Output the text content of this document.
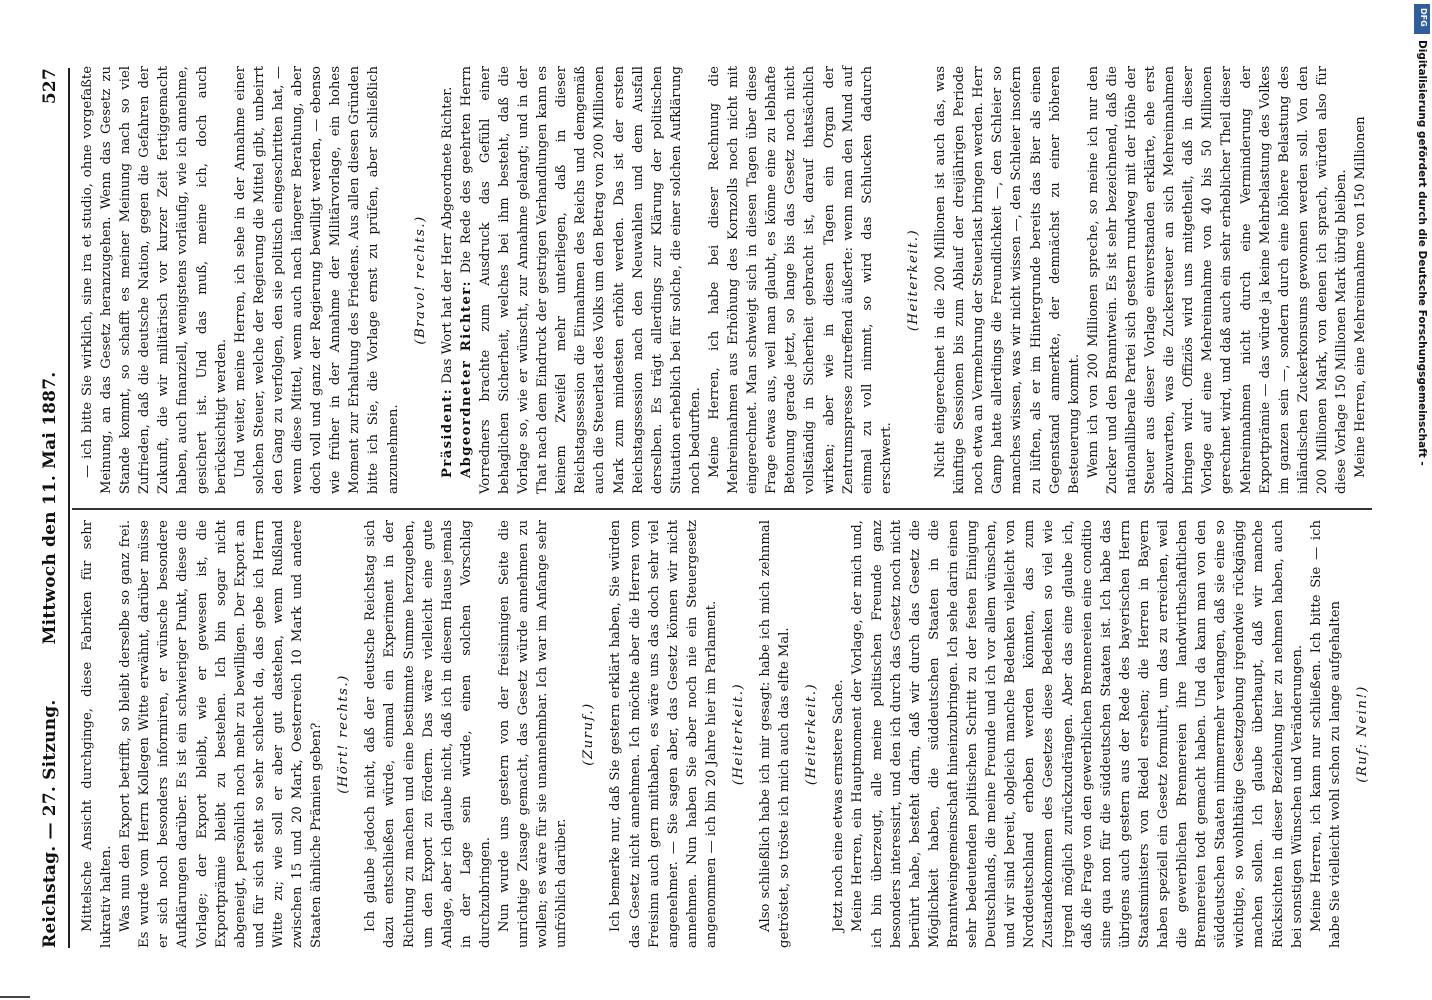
Reichstag. — 27. Sitzung.
Mittwoch den 11. Mai 1887.
527

Mittelsche Ansicht durchginge, diese Fabriken für sehr lukrativ halten. Was nun den Export betrifft, so bleibt derselbe so ganz frei. Es wurde vom Herrn Kollegen Witte erwähnt, darüber müsse er sich noch besonders informiren, er wünsche besondere Aufklärungen darüber. Es ist ein schwieriger Punkt, diese die Vorlage; der Export bleibt, wie er gewesen ist, die Exportprämie bleibt zu bestehen. Ich bin sogar nicht abgeneigt, persönlich noch mehr zu bewilligen. Der Export an und für sich steht so sehr schlecht da, das gebe ich Herrn Witte zu; wie soll er aber gut dastehen, wenn Rußland zwischen 15 und 20 Mark, Oesterreich 10 Mark und andere Staaten ähnliche Prämien geben? (Hört! rechts.) Ich glaube jedoch nicht, daß der deutsche Reichstag sich dazu entschließen würde, einmal ein Experiment in der Richtung zu machen und eine bestimmte Summe herzugeben, um den Export zu fördern. Das wäre vielleicht eine gute Anlage, aber ich glaube nicht, daß ich in diesem Hause jemals in der Lage sein würde, einen solchen Vorschlag durchzubringen. Nun wurde uns gestern von der freisinnigen Seite die unrichtige Zusage gemacht, das Gesetz würde annehmen zu wollen; es wäre für sie unannehmbar. Ich war im Anfange sehr unfröhlich darüber.

(Zuruf.) Ich bemerke nur, daß Sie gestern erklärt haben, Sie würden das Gesetz nicht annehmen. Ich möchte aber die Herren vom Freisinn auch gern mithaben, es wäre uns das doch sehr viel angenehmer. — Sie sagen aber, das Gesetz können wir nicht annehmen. Nun haben Sie aber noch nie ein Steuergesetz angenommen — ich bin 20 Jahre hier im Parlament. (Heiterkeit.) Also schließlich habe ich mir gesagt: habe ich mich zehnmal getröstet, so tröste ich mich auch das elfte Mal. (Heiterkeit.) Jetzt noch eine etwas ernstere Sache. Meine Herren, ein Hauptmoment der Vorlage, der mich und, ich bin überzeugt, alle meine politischen Freunde ganz besonders interessirt, und den ich durch das Gesetz noch nicht berührt habe, besteht darin, daß wir durch das Gesetz die Möglichkeit haben, die süddeutschen Staaten in die Branntweingemeinschaft hineinzubringen. Ich sehe darin einen sehr bedeutenden politischen Schritt zu der festen Einigung Deutschlands, die meine Freunde und ich vor allem wünschen, und wir sind bereit, obgleich manche Bedenken vielleicht von Norddeutschland erhoben werden könnten, das zum Zustandekommen des Gesetzes diese Bedenken so viel wie irgend möglich zurückzudrängen. Aber das eine glaube ich, daß die Frage von den gewerblichen Brennereien eine conditio sine qua non für die süddeutschen Staaten ist. Ich habe das übrigens auch gestern aus der Rede des bayerischen Herrn Staatsministers von Riedel ersehen; die Herren in Bayern haben speziell ein Gesetz formulirt, um das zu erreichen, weil die gewerblichen Brennereien ihre landwirthschaftlichen Brennereien todt gemacht haben. Und da kann man von den süddeutschen Staaten nimmermehr verlangen, daß sie eine so wichtige, so wohlthätige Gesetzgebung irgendwie rückgängig machen sollen. Ich glaube überhaupt, daß wir manche Rücksichten in dieser Beziehung hier zu nehmen haben, auch bei sonstigen Wünschen und Veränderungen. Meine Herren, ich kann nur schließen. Ich bitte Sie — ich habe Sie vielleicht wohl schon zu lange aufgehalten (Ruf: Nein!)

— ich bitte Sie wirklich, sine ira et studio, ohne vorgefaßte Meinung, an das Gesetz heranzugehen. Wenn das Gesetz zu Stande kommt, so schafft es meiner Meinung nach so viel Zufrieden, daß die deutsche Nation, gegen die Gefahren der Zukunft, die wir militärisch vor kurzer Zeit fertiggemacht haben, auch finanziell, wenigstens vorläufig, wie ich annehme, gesichert ist. Und das muß, meine ich, doch auch berücksichtigt werden. Und weiter, meine Herren, ich sehe in der Annahme einer solchen Steuer, welche der Regierung die Mittel gibt, unbeirrt den Gang zu verfolgen, den sie politisch eingeschritten hat, — wenn diese Mittel, wenn auch nach längerer Berathung, aber doch voll und ganz der Regierung bewilligt werden, — ebenso wie früher in der Annahme der Militärvorlage, ein hohes Moment zur Erhaltung des Friedens. Aus allen diesen Gründen bitte ich Sie, die Vorlage ernst zu prüfen, aber schließlich anzunehmen.

(Bravo! rechts.)

Präsident: Das Wort hat der Herr Abgeordnete Richter. Abgeordneter Richter: Die Rede des geehrten Herrn Vorredners brachte zum Ausdruck das Gefühl einer behaglichen Sicherheit, welches bei ihm besteht, daß die Vorlage so, wie er wünscht, zur Annahme gelangt; und in der That nach dem Eindruck der gestrigen Verhandlungen kann es keinem Zweifel mehr unterliegen, daß in dieser Reichstagssession die Einnahmen des Reichs und demgemäß auch die Steuerlast des Volks um den Betrag von 200 Millionen Mark zum mindesten erhöht werden. Das ist der ersten Reichstagssession nach den Neuwahlen und dem Ausfall derselben. Es trägt allerdings zur Klärung der politischen Situation erheblich bei für solche, die einer solchen Aufklärung noch bedurften. Meine Herren, ich habe bei dieser Rechnung die Mehreinnahmen aus Erhöhung des Kornzolls noch nicht mit eingerechnet. Man schweigt sich in diesen Tagen über diese Frage etwas aus, weil man glaubt, es könne eine zu lebhafte Betonung gerade jetzt, so lange bis das Gesetz noch nicht vollständig in Sicherheit gebracht ist, darauf thatsächlich wirken; aber wie in diesen Tagen ein Organ der Zentrumspresse zutreffend äußerte: wenn man den Mund auf einmal zu voll nimmt, so wird das Schlucken dadurch erschwert.

(Heiterkeit.) Nicht eingerechnet in die 200 Millionen ist auch das, was künftige Sessionen bis zum Ablauf der dreijährigen Periode noch etwa an Vermehrung der Steuerlast bringen werden. Herr Gamp hatte allerdings die Freundlichkeit —, den Schleier so manches wissen, was wir nicht wissen —, den Schleier insofern zu lüften, als er im Hintergrunde bereits das Bier als einen Gegenstand anmerkte, der demnächst zu einer höheren Besteuerung kommt. Wenn ich von 200 Millionen spreche, so meine ich nur den Zucker und den Branntwein. Es ist sehr bezeichnend, daß die nationalliberale Partei sich gestern rundweg mit der Höhe der Steuer aus dieser Vorlage einverstanden erklärte, ehe erst abzuwarten, was die Zuckersteuer an sich Mehreinnahmen bringen wird. Offiziös wird uns mitgetheilt, daß in dieser Vorlage auf eine Mehreinnahme von 40 bis 50 Millionen gerechnet wird, und daß auch ein sehr erheblicher Theil dieser Mehreinnahmen nicht durch eine Verminderung der Exportprämie — das würde ja keine Mehrbelastung des Volkes im ganzen sein —, sondern durch eine höhere Belastung des inländischen Zuckerkonsums gewonnen werden soll. Von den 200 Millionen Mark, von denen ich sprach, würden also für diese Vorlage 150 Millionen Mark übrig bleiben. Meine Herren, eine Mehreinnahme von 150 Millionen	Digitalisierung gefördert durch die Deutsche Forschungsgemeinschaft -
DFG
